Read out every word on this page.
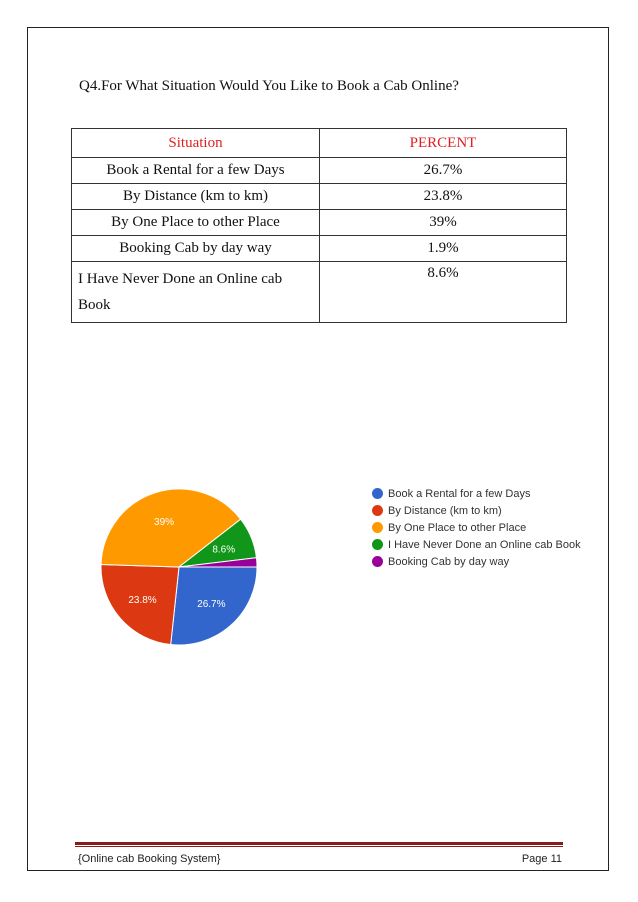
Q4.For What Situation Would You Like to Book a Cab Online?
Situation	PERCENT
Book a Rental for a few Days	26.7%
By Distance (km to km)	23.8%
By One Place to other Place	39%
Booking Cab by day way	1.9%
I Have Never Done an Online cab Book	8.6%
26.7%
23.8%
39%
8.6%
Book a Rental for a few Days
By Distance (km to km)
By One Place to other Place
I Have Never Done an Online cab Book
Booking Cab by day way
{Online cab Booking System}	Page 11
